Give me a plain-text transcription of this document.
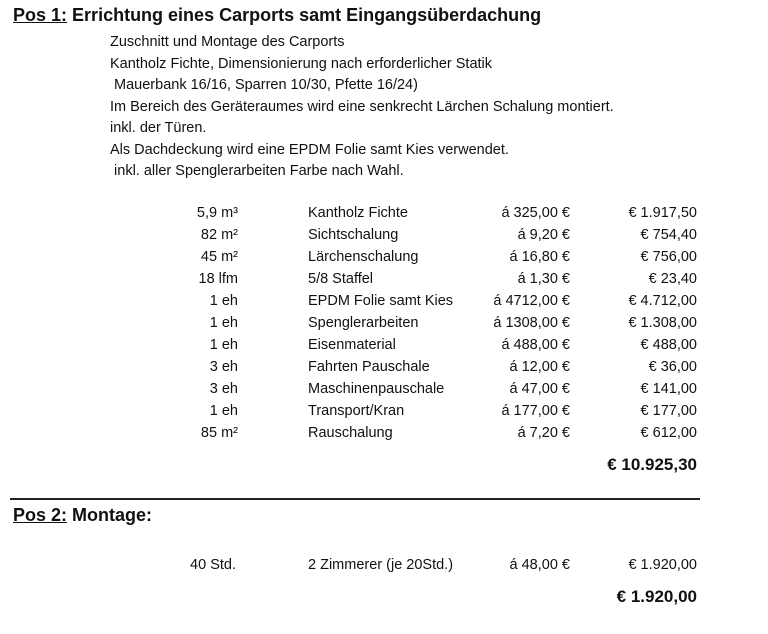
Pos 1: Errichtung eines Carports samt Eingangsüberdachung
Zuschnitt und Montage des Carports
Kantholz Fichte, Dimensionierung nach erforderlicher Statik
Mauerbank 16/16, Sparren 10/30, Pfette 16/24)
Im Bereich des Geräteraumes wird eine senkrecht Lärchen Schalung montiert.
inkl. der Türen.
Als Dachdeckung wird eine EPDM Folie samt Kies verwendet.
inkl. aller Spenglerarbeiten Farbe nach Wahl.
5,9 m³	Kantholz Fichte	á 325,00 €	€ 1.917,50
82 m²	Sichtschalung	á 9,20 €	€ 754,40
45 m²	Lärchenschalung	á 16,80 €	€ 756,00
18 lfm	5/8 Staffel	á 1,30 €	€ 23,40
1 eh	EPDM Folie samt Kies	á 4712,00 €	€ 4.712,00
1 eh	Spenglerarbeiten	á 1308,00 €	€ 1.308,00
1 eh	Eisenmaterial	á 488,00 €	€ 488,00
3 eh	Fahrten Pauschale	á 12,00 €	€ 36,00
3 eh	Maschinenpauschale	á 47,00 €	€ 141,00
1 eh	Transport/Kran	á 177,00 €	€ 177,00
85 m²	Rauschalung	á 7,20 €	€ 612,00
€ 10.925,30
Pos 2: Montage:
40 Std.	2 Zimmerer (je 20Std.)	á 48,00 €	€ 1.920,00
€ 1.920,00
